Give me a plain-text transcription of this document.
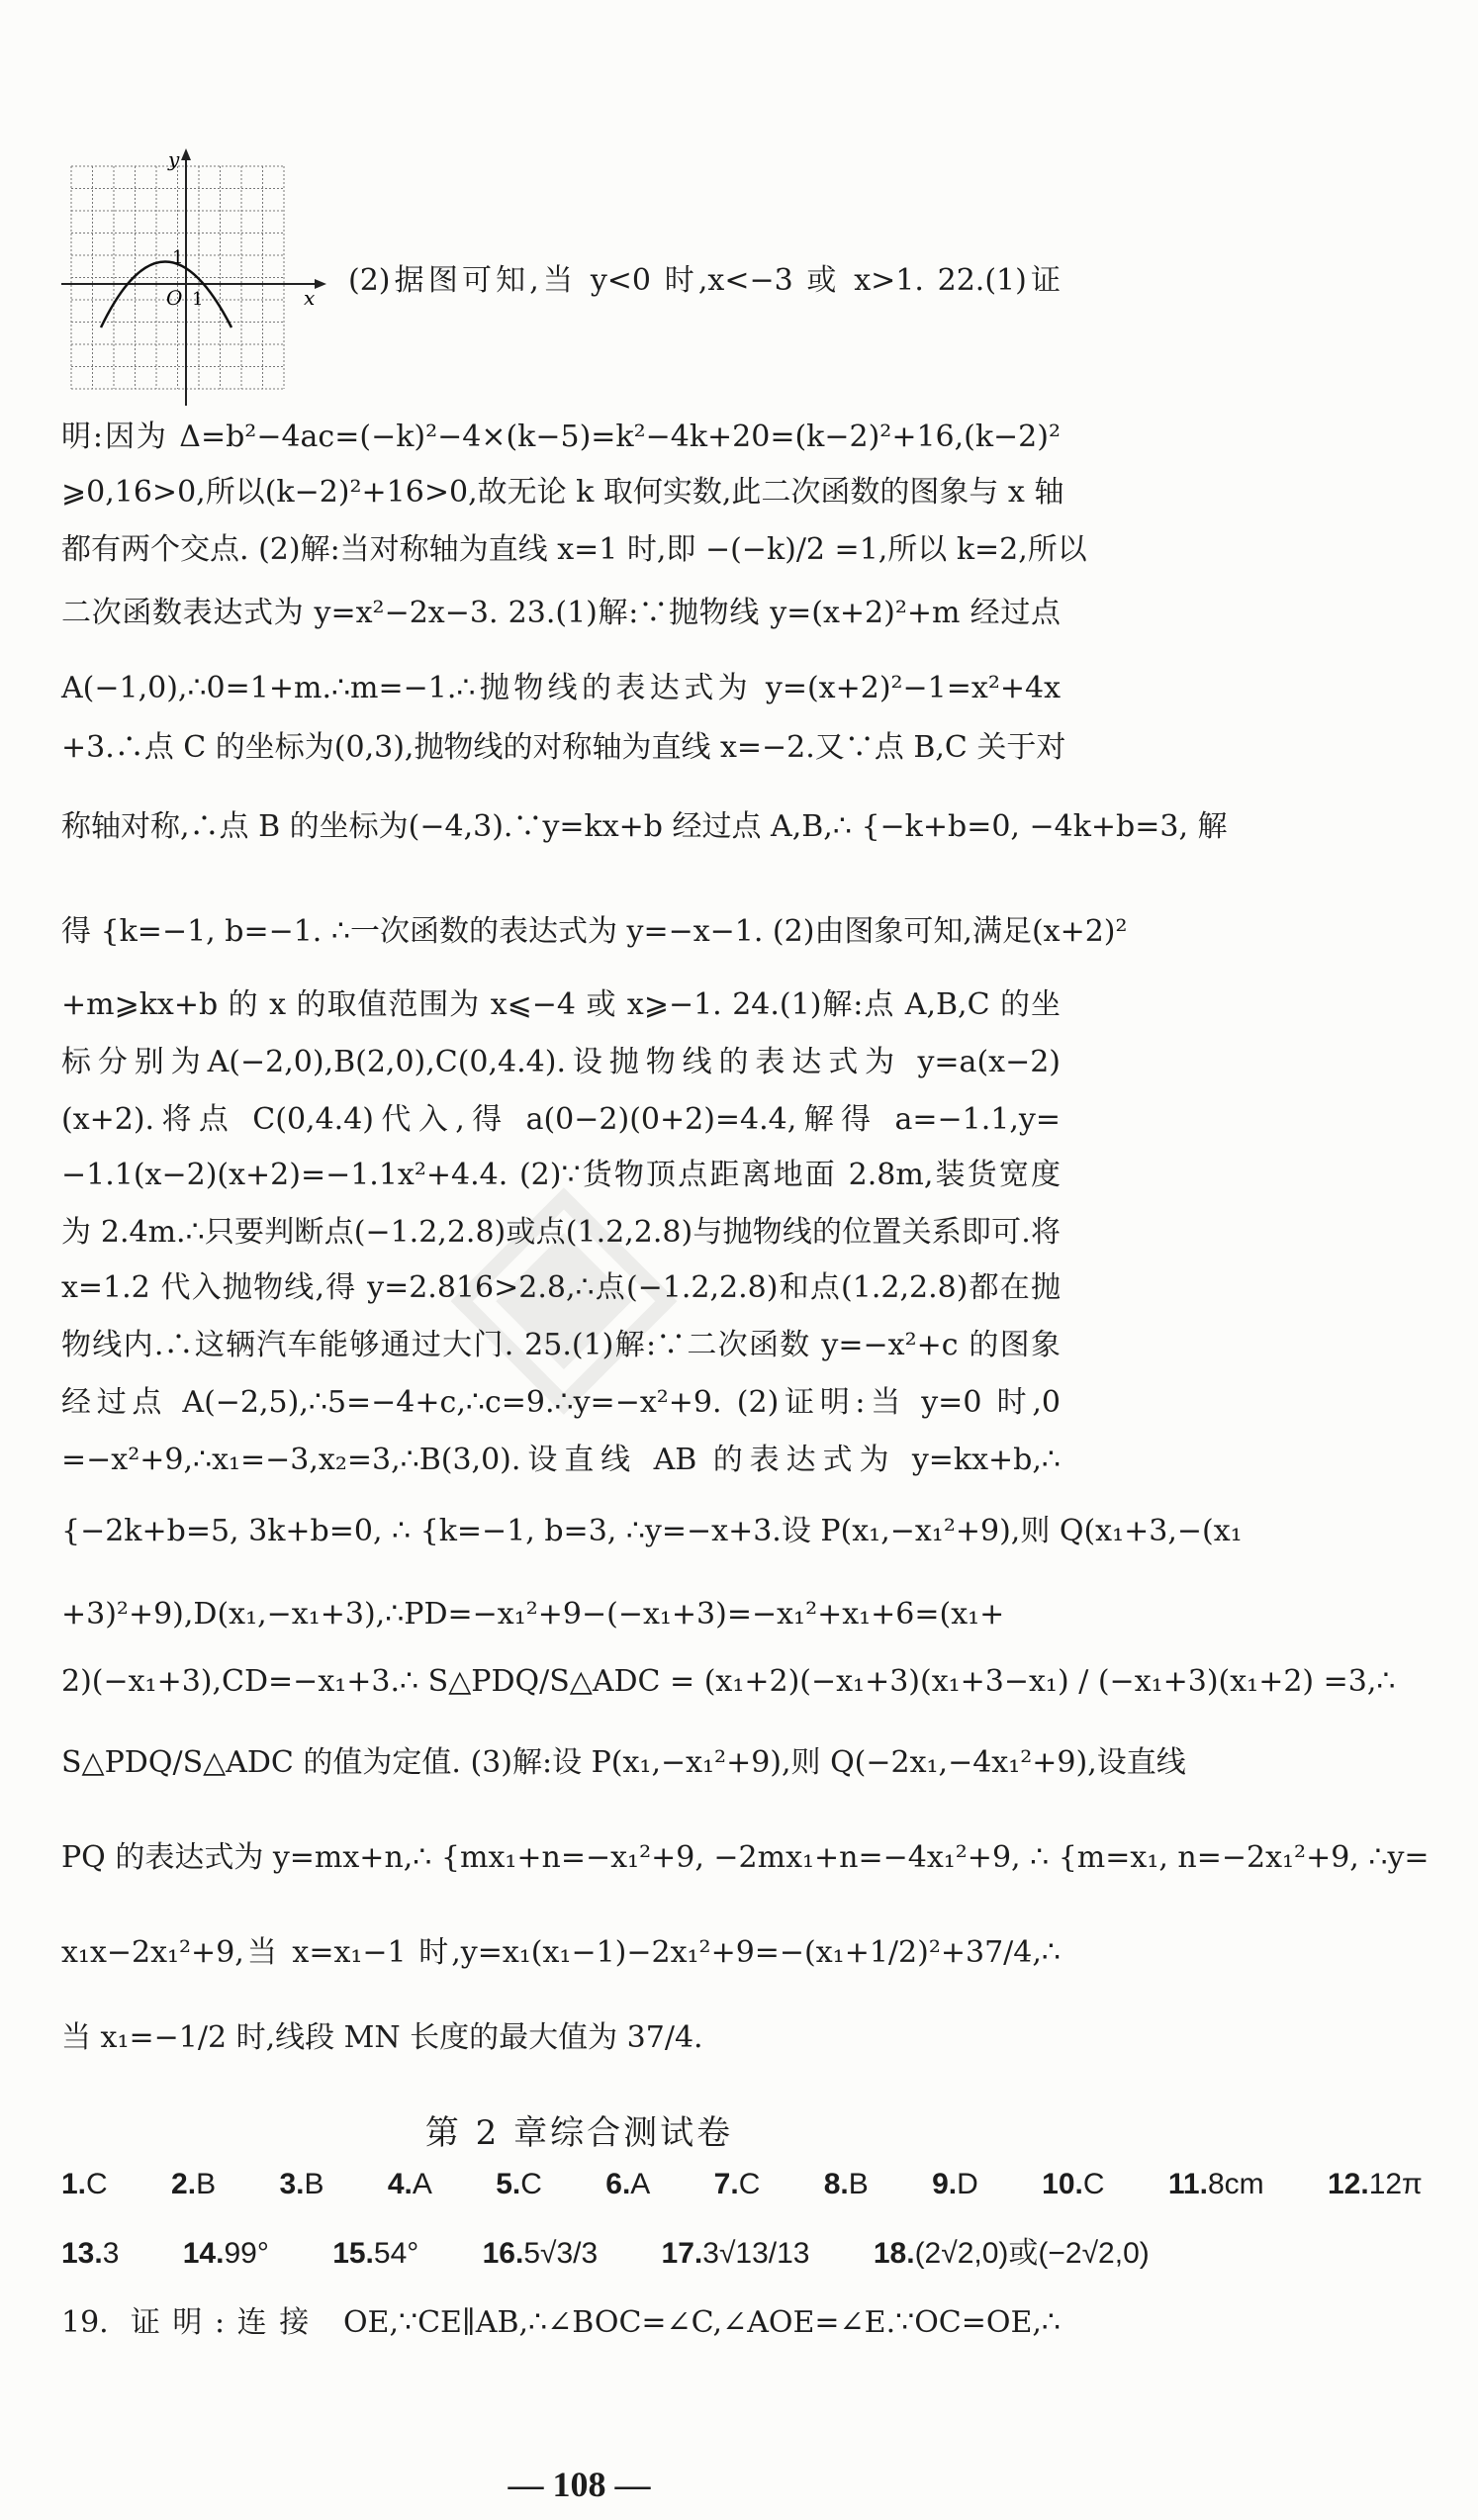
◈
y
x
O 1
1
(2)据图可知,当 y<0 时,x<−3 或 x>1. 22.(1)证
明:因为 Δ=b²−4ac=(−k)²−4×(k−5)=k²−4k+20=(k−2)²+16,(k−2)²
⩾0,16>0,所以(k−2)²+16>0,故无论 k 取何实数,此二次函数的图象与 x 轴
都有两个交点. (2)解:当对称轴为直线 x=1 时,即 −(−k)/2 =1,所以 k=2,所以
二次函数表达式为 y=x²−2x−3. 23.(1)解:∵抛物线 y=(x+2)²+m 经过点
A(−1,0),∴0=1+m.∴m=−1.∴抛物线的表达式为 y=(x+2)²−1=x²+4x
+3.∴点 C 的坐标为(0,3),抛物线的对称轴为直线 x=−2.又∵点 B,C 关于对
称轴对称,∴点 B 的坐标为(−4,3).∵y=kx+b 经过点 A,B,∴ {−k+b=0, −4k+b=3, 解
得 {k=−1, b=−1. ∴一次函数的表达式为 y=−x−1. (2)由图象可知,满足(x+2)²
+m⩾kx+b 的 x 的取值范围为 x⩽−4 或 x⩾−1. 24.(1)解:点 A,B,C 的坐
标分别为A(−2,0),B(2,0),C(0,4.4).设抛物线的表达式为 y=a(x−2)
(x+2).将点 C(0,4.4)代入,得 a(0−2)(0+2)=4.4,解得 a=−1.1,y=
−1.1(x−2)(x+2)=−1.1x²+4.4. (2)∵货物顶点距离地面 2.8m,装货宽度
为 2.4m.∴只要判断点(−1.2,2.8)或点(1.2,2.8)与抛物线的位置关系即可.将
x=1.2 代入抛物线,得 y=2.816>2.8,∴点(−1.2,2.8)和点(1.2,2.8)都在抛
物线内.∴这辆汽车能够通过大门. 25.(1)解:∵二次函数 y=−x²+c 的图象
经过点 A(−2,5),∴5=−4+c,∴c=9.∴y=−x²+9. (2)证明:当 y=0 时,0
=−x²+9,∴x₁=−3,x₂=3,∴B(3,0).设直线 AB 的表达式为 y=kx+b,∴
{−2k+b=5, 3k+b=0, ∴ {k=−1, b=3, ∴y=−x+3.设 P(x₁,−x₁²+9),则 Q(x₁+3,−(x₁
+3)²+9),D(x₁,−x₁+3),∴PD=−x₁²+9−(−x₁+3)=−x₁²+x₁+6=(x₁+
2)(−x₁+3),CD=−x₁+3.∴ S△PDQ/S△ADC = (x₁+2)(−x₁+3)(x₁+3−x₁) / (−x₁+3)(x₁+2) =3,∴
S△PDQ/S△ADC 的值为定值. (3)解:设 P(x₁,−x₁²+9),则 Q(−2x₁,−4x₁²+9),设直线
PQ 的表达式为 y=mx+n,∴ {mx₁+n=−x₁²+9, −2mx₁+n=−4x₁²+9, ∴ {m=x₁, n=−2x₁²+9, ∴y=
x₁x−2x₁²+9,当 x=x₁−1 时,y=x₁(x₁−1)−2x₁²+9=−(x₁+1/2)²+37/4,∴
当 x₁=−1/2 时,线段 MN 长度的最大值为 37/4.
第 2 章综合测试卷
1.C 2.B 3.B 4.A 5.C 6.A 7.C 8.B 9.D 10.C 11.8cm 12.12π
13.3 14.99° 15.54° 16.5√3/3 17.3√13/13 18.(2√2,0)或(−2√2,0)
19. 证明:连接 OE,∵CE∥AB,∴∠BOC=∠C,∠AOE=∠E.∵OC=OE,∴
— 108 —
